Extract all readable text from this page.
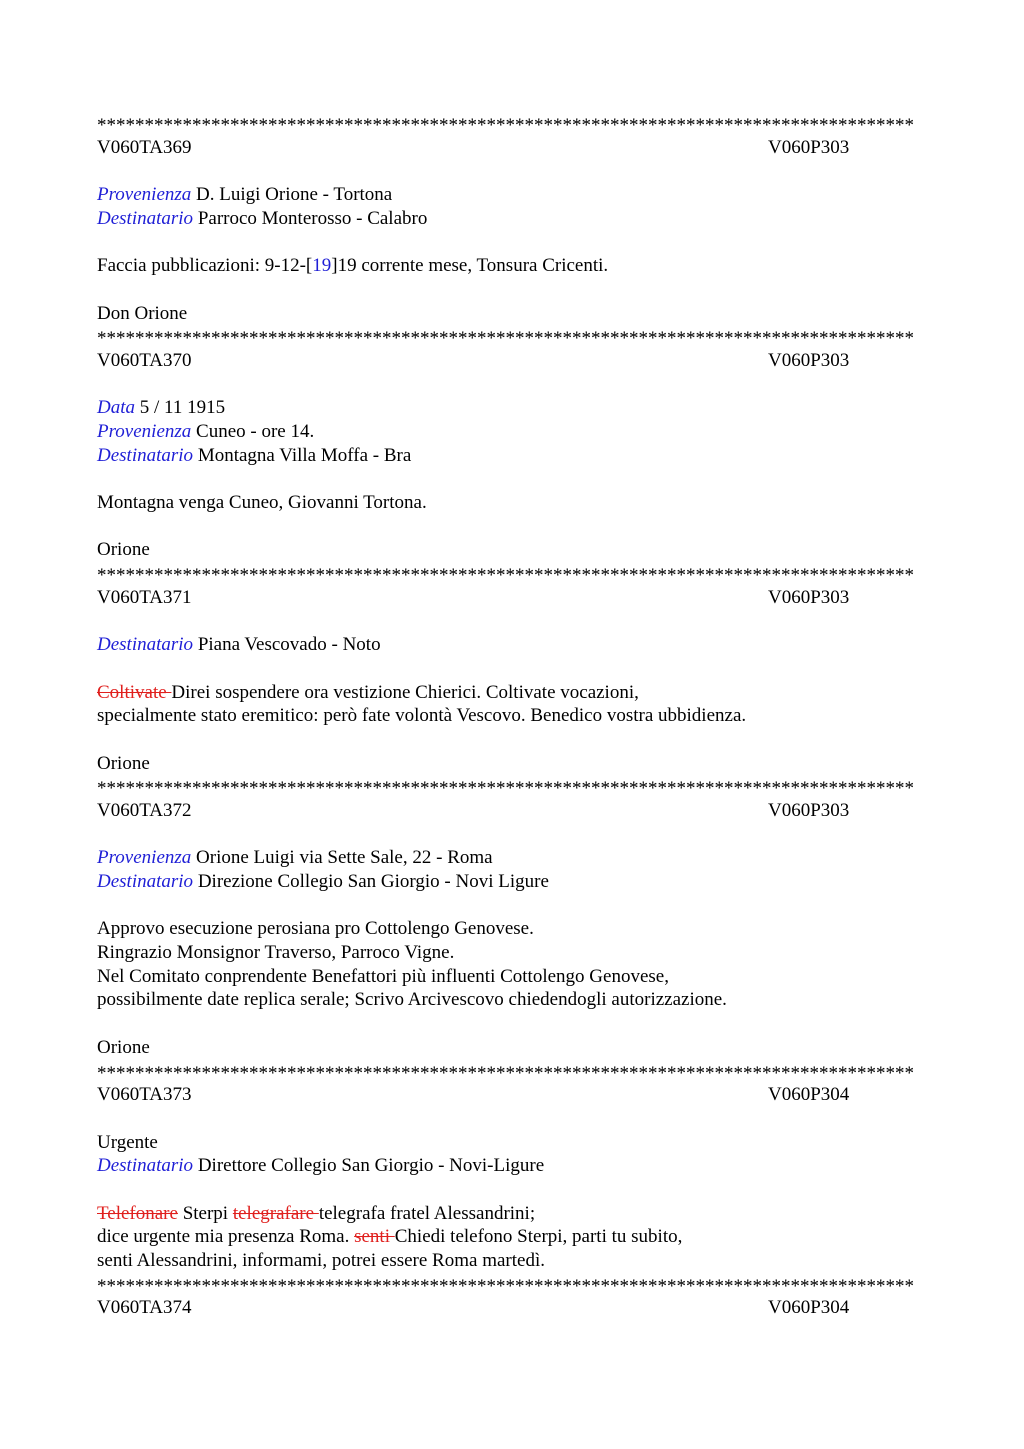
**************************************************************************************
V060TA369	V060P303
Provenienza D. Luigi Orione - Tortona
Destinatario Parroco Monterosso - Calabro
Faccia pubblicazioni: 9-12-[19]19 corrente mese, Tonsura Cricenti.
Don Orione
**************************************************************************************
V060TA370	V060P303
Data 5 / 11 1915
Provenienza Cuneo - ore 14.
Destinatario Montagna Villa Moffa - Bra
Montagna venga Cuneo, Giovanni Tortona.
Orione
**************************************************************************************
V060TA371	V060P303
Destinatario Piana Vescovado - Noto
Coltivate Direi sospendere ora vestizione Chierici. Coltivate vocazioni,
specialmente stato eremitico: però fate volontà Vescovo. Benedico vostra ubbidienza.
Orione
**************************************************************************************
V060TA372	V060P303
Provenienza Orione Luigi via Sette Sale, 22 - Roma
Destinatario Direzione Collegio San Giorgio - Novi Ligure
Approvo esecuzione perosiana pro Cottolengo Genovese.
Ringrazio Monsignor Traverso, Parroco Vigne.
Nel Comitato conprendente Benefattori più influenti Cottolengo Genovese,
possibilmente date replica serale; Scrivo Arcivescovo chiedendogli autorizzazione.
Orione
**************************************************************************************
V060TA373	V060P304
Urgente
Destinatario Direttore Collegio San Giorgio - Novi-Ligure
Telefonare Sterpi telegrafare telegrafa fratel Alessandrini;
dice urgente mia presenza Roma. senti Chiedi telefono Sterpi, parti tu subito,
senti Alessandrini, informami, potrei essere Roma martedì.
**************************************************************************************
V060TA374	V060P304
